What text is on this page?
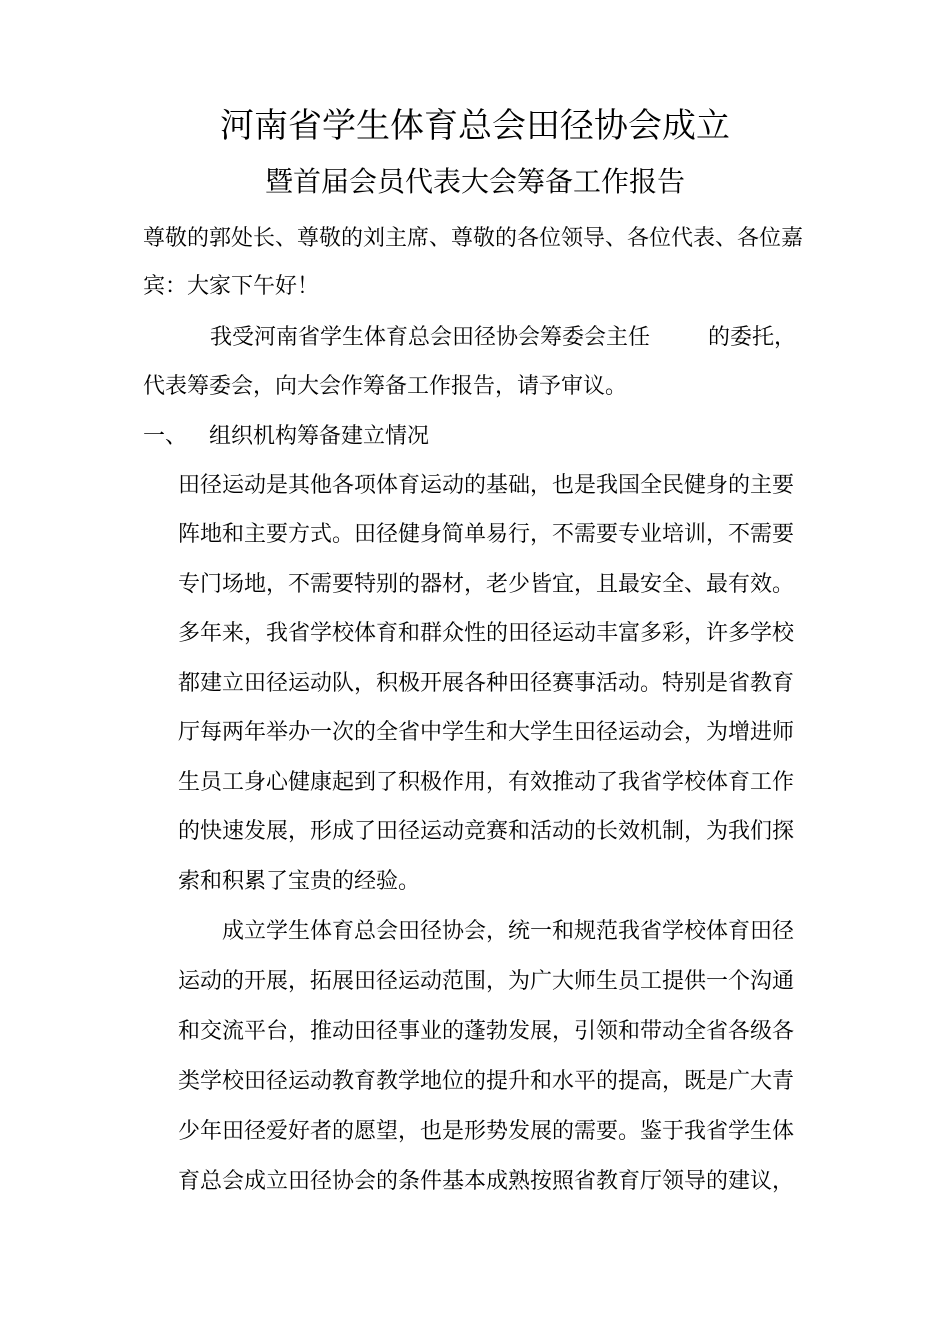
河南省学生体育总会田径协会成立
暨首届会员代表大会筹备工作报告
尊敬的郭处长、尊敬的刘主席、尊敬的各位领导、各位代表、各位嘉
宾：大家下午好！
我受河南省学生体育总会田径协会筹委会主任	的委托，
代表筹委会，向大会作筹备工作报告，请予审议。
一、 组织机构筹备建立情况
田径运动是其他各项体育运动的基础，也是我国全民健身的主要
阵地和主要方式。田径健身简单易行，不需要专业培训，不需要
专门场地，不需要特别的器材，老少皆宜，且最安全、最有效。
多年来，我省学校体育和群众性的田径运动丰富多彩，许多学校
都建立田径运动队，积极开展各种田径赛事活动。特别是省教育
厅每两年举办一次的全省中学生和大学生田径运动会，为增进师
生员工身心健康起到了积极作用，有效推动了我省学校体育工作
的快速发展，形成了田径运动竞赛和活动的长效机制，为我们探
索和积累了宝贵的经验。
成立学生体育总会田径协会，统一和规范我省学校体育田径
运动的开展，拓展田径运动范围，为广大师生员工提供一个沟通
和交流平台，推动田径事业的蓬勃发展，引领和带动全省各级各
类学校田径运动教育教学地位的提升和水平的提高，既是广大青
少年田径爱好者的愿望，也是形势发展的需要。鉴于我省学生体
育总会成立田径协会的条件基本成熟按照省教育厅领导的建议，
